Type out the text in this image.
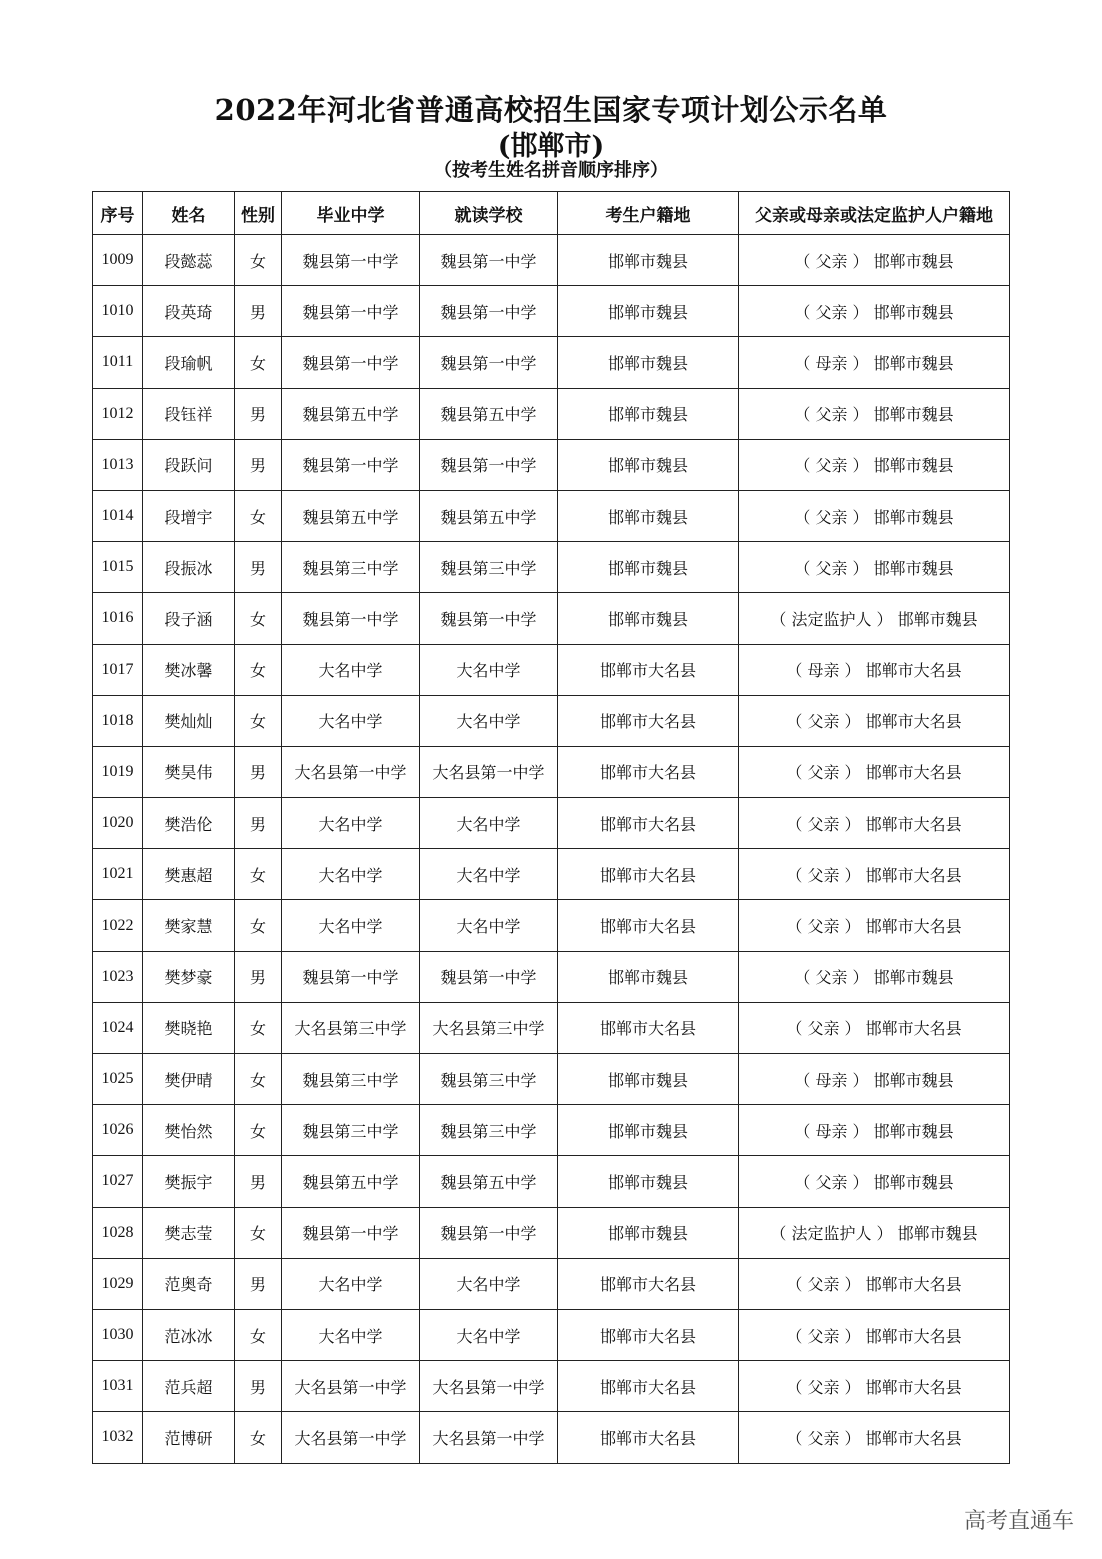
2022年河北省普通高校招生国家专项计划公示名单
(邯郸市)
（按考生姓名拼音顺序排序）
序号	姓名	性别	毕业中学	就读学校	考生户籍地	父亲或母亲或法定监护人户籍地
1009	段懿蕊	女	魏县第一中学	魏县第一中学	邯郸市魏县	（ 父亲 ） 邯郸市魏县
1010	段英琦	男	魏县第一中学	魏县第一中学	邯郸市魏县	（ 父亲 ） 邯郸市魏县
1011	段瑜帆	女	魏县第一中学	魏县第一中学	邯郸市魏县	（ 母亲 ） 邯郸市魏县
1012	段钰祥	男	魏县第五中学	魏县第五中学	邯郸市魏县	（ 父亲 ） 邯郸市魏县
1013	段跃问	男	魏县第一中学	魏县第一中学	邯郸市魏县	（ 父亲 ） 邯郸市魏县
1014	段增宇	女	魏县第五中学	魏县第五中学	邯郸市魏县	（ 父亲 ） 邯郸市魏县
1015	段振冰	男	魏县第三中学	魏县第三中学	邯郸市魏县	（ 父亲 ） 邯郸市魏县
1016	段子涵	女	魏县第一中学	魏县第一中学	邯郸市魏县	（ 法定监护人 ） 邯郸市魏县
1017	樊冰馨	女	大名中学	大名中学	邯郸市大名县	（ 母亲 ） 邯郸市大名县
1018	樊灿灿	女	大名中学	大名中学	邯郸市大名县	（ 父亲 ） 邯郸市大名县
1019	樊昊伟	男	大名县第一中学	大名县第一中学	邯郸市大名县	（ 父亲 ） 邯郸市大名县
1020	樊浩伦	男	大名中学	大名中学	邯郸市大名县	（ 父亲 ） 邯郸市大名县
1021	樊惠超	女	大名中学	大名中学	邯郸市大名县	（ 父亲 ） 邯郸市大名县
1022	樊家慧	女	大名中学	大名中学	邯郸市大名县	（ 父亲 ） 邯郸市大名县
1023	樊梦豪	男	魏县第一中学	魏县第一中学	邯郸市魏县	（ 父亲 ） 邯郸市魏县
1024	樊晓艳	女	大名县第三中学	大名县第三中学	邯郸市大名县	（ 父亲 ） 邯郸市大名县
1025	樊伊晴	女	魏县第三中学	魏县第三中学	邯郸市魏县	（ 母亲 ） 邯郸市魏县
1026	樊怡然	女	魏县第三中学	魏县第三中学	邯郸市魏县	（ 母亲 ） 邯郸市魏县
1027	樊振宇	男	魏县第五中学	魏县第五中学	邯郸市魏县	（ 父亲 ） 邯郸市魏县
1028	樊志莹	女	魏县第一中学	魏县第一中学	邯郸市魏县	（ 法定监护人 ） 邯郸市魏县
1029	范奥奇	男	大名中学	大名中学	邯郸市大名县	（ 父亲 ） 邯郸市大名县
1030	范冰冰	女	大名中学	大名中学	邯郸市大名县	（ 父亲 ） 邯郸市大名县
1031	范兵超	男	大名县第一中学	大名县第一中学	邯郸市大名县	（ 父亲 ） 邯郸市大名县
1032	范博研	女	大名县第一中学	大名县第一中学	邯郸市大名县	（ 父亲 ） 邯郸市大名县
高考直通车
